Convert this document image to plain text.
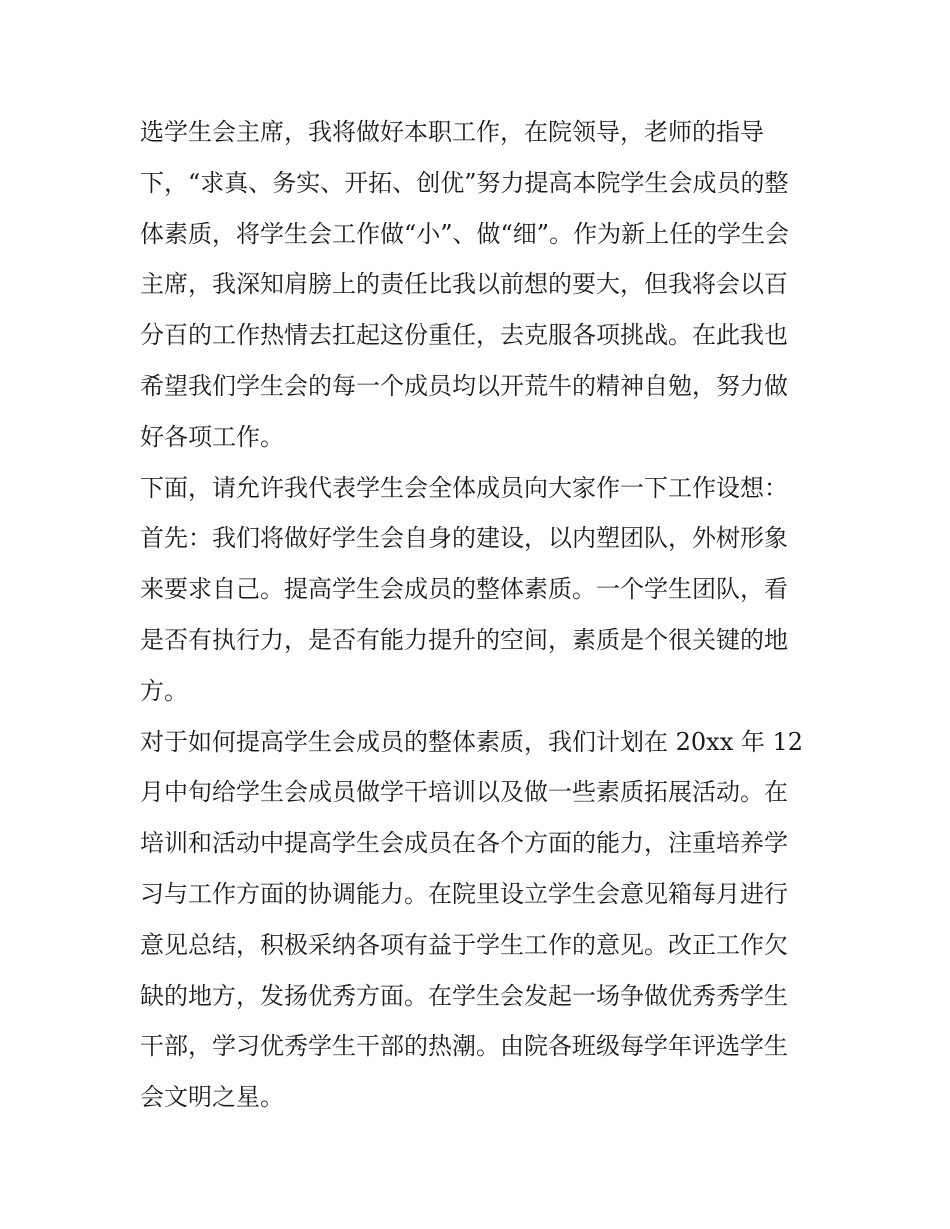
选学生会主席，我将做好本职工作，在院领导，老师的指导
下，“求真、务实、开拓、创优”努力提高本院学生会成员的整
体素质，将学生会工作做“小”、做“细”。作为新上任的学生会
主席，我深知肩膀上的责任比我以前想的要大，但我将会以百
分百的工作热情去扛起这份重任，去克服各项挑战。在此我也
希望我们学生会的每一个成员均以开荒牛的精神自勉，努力做
好各项工作。
下面，请允许我代表学生会全体成员向大家作一下工作设想：
首先：我们将做好学生会自身的建设，以内塑团队，外树形象
来要求自己。提高学生会成员的整体素质。一个学生团队，看
是否有执行力，是否有能力提升的空间，素质是个很关键的地
方。
对于如何提高学生会成员的整体素质，我们计划在 20xx 年 12
月中旬给学生会成员做学干培训以及做一些素质拓展活动。在
培训和活动中提高学生会成员在各个方面的能力，注重培养学
习与工作方面的协调能力。在院里设立学生会意见箱每月进行
意见总结，积极采纳各项有益于学生工作的意见。改正工作欠
缺的地方，发扬优秀方面。在学生会发起一场争做优秀秀学生
干部，学习优秀学生干部的热潮。由院各班级每学年评选学生
会文明之星。
